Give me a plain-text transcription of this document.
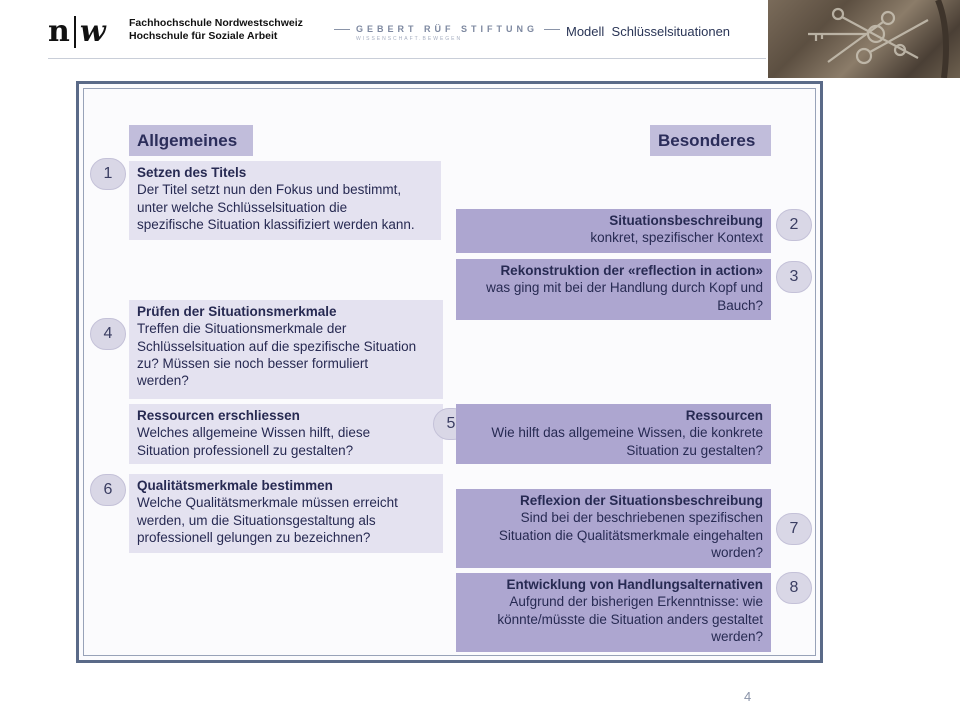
n w Fachhochschule Nordwestschweiz
Hochschule für Soziale Arbeit
GEBERT RÜF STIFTUNG
WISSENSCHAFT.BEWEGEN	Modell  Schlüsselsituationen
Allgemeines	Besonderes
1	Setzen des Titels
Der Titel setzt nun den Fokus und bestimmt,
unter welche Schlüsselsituation die
spezifische Situation klassifiziert werden kann.
4
Prüfen der Situationsmerkmale
Treffen die Situationsmerkmale der
Schlüsselsituation auf die spezifische Situation
zu? Müssen sie noch besser formuliert
werden?
Ressourcen erschliessen
Welches allgemeine Wissen hilft, diese
Situation professionell zu gestalten?
6	Qualitätsmerkmale bestimmen
Welche Qualitätsmerkmale müssen erreicht
werden, um die Situationsgestaltung als
professionell gelungen zu bezeichnen?
Situationsbeschreibung
konkret, spezifischer Kontext
2
Rekonstruktion der «reflection in action»
was ging mit bei der Handlung durch Kopf und
Bauch?
3
5	Ressourcen
Wie hilft das allgemeine Wissen, die konkrete
Situation zu gestalten?
Reflexion der Situationsbeschreibung
Sind bei der beschriebenen spezifischen
Situation die Qualitätsmerkmale eingehalten
worden?
7
Entwicklung von Handlungsalternativen
Aufgrund der bisherigen Erkenntnisse: wie
könnte/müsste die Situation anders gestaltet
werden?
8
4
